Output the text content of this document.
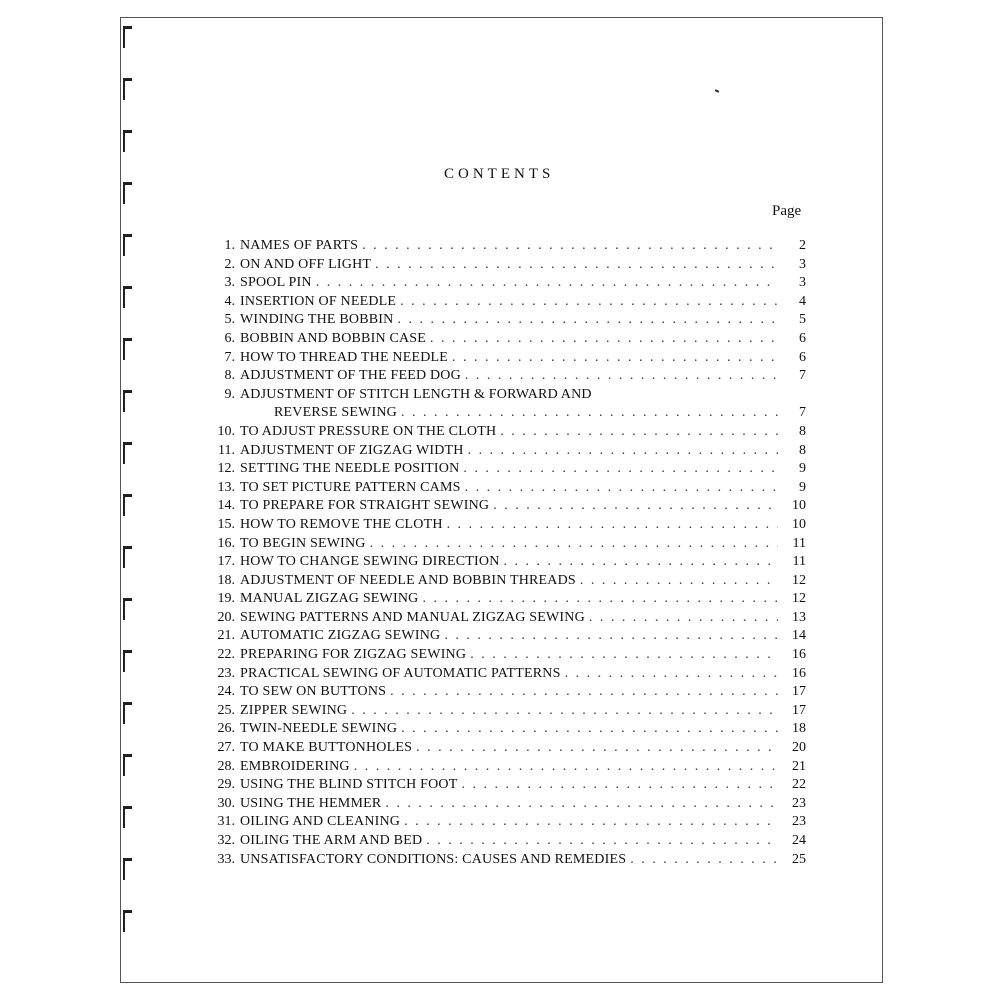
CONTENTS
Page
1. NAMES OF PARTS . . .	2
2. ON AND OFF LIGHT . . .	3
3. SPOOL PIN . . .	3
4. INSERTION OF NEEDLE . . .	4
5. WINDING THE BOBBIN . . .	5
6. BOBBIN AND BOBBIN CASE . . .	6
7. HOW TO THREAD THE NEEDLE . . .	6
8. ADJUSTMENT OF THE FEED DOG . . .	7
9. ADJUSTMENT OF STITCH LENGTH & FORWARD AND
REVERSE SEWING . . .	7
10. TO ADJUST PRESSURE ON THE CLOTH . . .	8
11. ADJUSTMENT OF ZIGZAG WIDTH . . .	8
12. SETTING THE NEEDLE POSITION . . .	9
13. TO SET PICTURE PATTERN CAMS . . .	9
14. TO PREPARE FOR STRAIGHT SEWING . . .	10
15. HOW TO REMOVE THE CLOTH . . .	10
16. TO BEGIN SEWING . . .	11
17. HOW TO CHANGE SEWING DIRECTION . . .	11
18. ADJUSTMENT OF NEEDLE AND BOBBIN THREADS . . .	12
19. MANUAL ZIGZAG SEWING . . .	12
20. SEWING PATTERNS AND MANUAL ZIGZAG SEWING . . .	13
21. AUTOMATIC ZIGZAG SEWING . . .	14
22. PREPARING FOR ZIGZAG SEWING . . .	16
23. PRACTICAL SEWING OF AUTOMATIC PATTERNS . . .	16
24. TO SEW ON BUTTONS . . .	17
25. ZIPPER SEWING . . .	17
26. TWIN-NEEDLE SEWING . . .	18
27. TO MAKE BUTTONHOLES . . .	20
28. EMBROIDERING . . .	21
29. USING THE BLIND STITCH FOOT . . .	22
30. USING THE HEMMER . . .	23
31. OILING AND CLEANING . . .	23
32. OILING THE ARM AND BED . . .	24
33. UNSATISFACTORY CONDITIONS: CAUSES AND REMEDIES . . .	25
